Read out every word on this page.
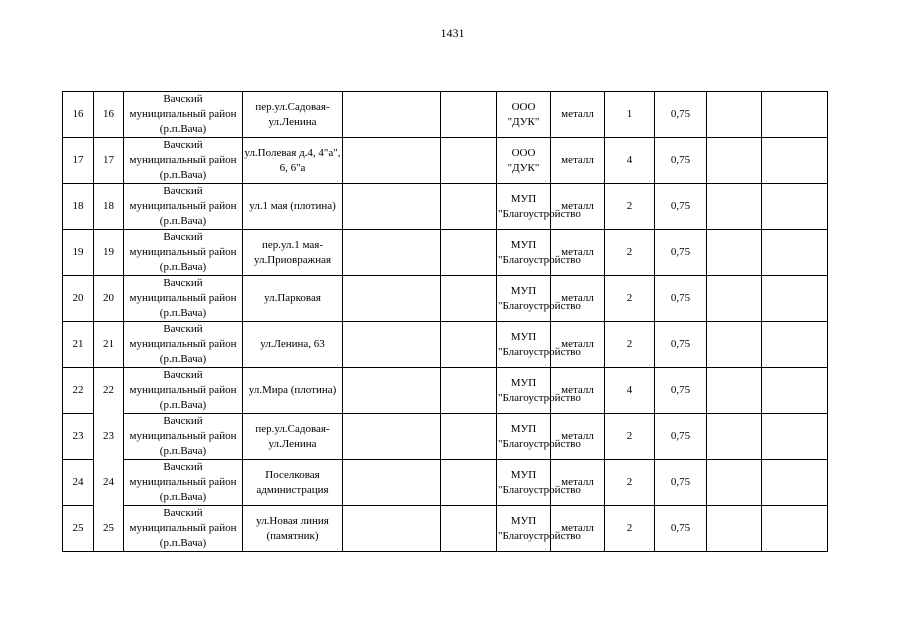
1431
16	16	Вачский муниципальный район (р.п.Вача)	пер.ул.Садовая-ул.Ленина			ООО "ДУК"	металл	1	0,75		
17	17	Вачский муниципальный район (р.п.Вача)	ул.Полевая д.4, 4"а", 6, 6"а			ООО "ДУК"	металл	4	0,75		
18	18	Вачский муниципальный район (р.п.Вача)	ул.1 мая (плотина)			МУП "Благоустройство	металл	2	0,75		
19	19	Вачский муниципальный район (р.п.Вача)	пер.ул.1 мая-ул.Приовражная			МУП "Благоустройство	металл	2	0,75		
20	20	Вачский муниципальный район (р.п.Вача)	ул.Парковая			МУП "Благоустройство	металл	2	0,75		
21	21	Вачский муниципальный район (р.п.Вача)	ул.Ленина, 63			МУП "Благоустройство	металл	2	0,75		
22	22	Вачский муниципальный район (р.п.Вача)	ул.Мира (плотина)			МУП "Благоустройство	металл	4	0,75		
23	23	Вачский муниципальный район (р.п.Вача)	пер.ул.Садовая-ул.Ленина			МУП "Благоустройство	металл	2	0,75		
24	24	Вачский муниципальный район (р.п.Вача)	Поселковая администрация			МУП "Благоустройство	металл	2	0,75		
25	25	Вачский муниципальный район (р.п.Вача)	ул.Новая линия (памятник)			МУП "Благоустройство	металл	2	0,75		
